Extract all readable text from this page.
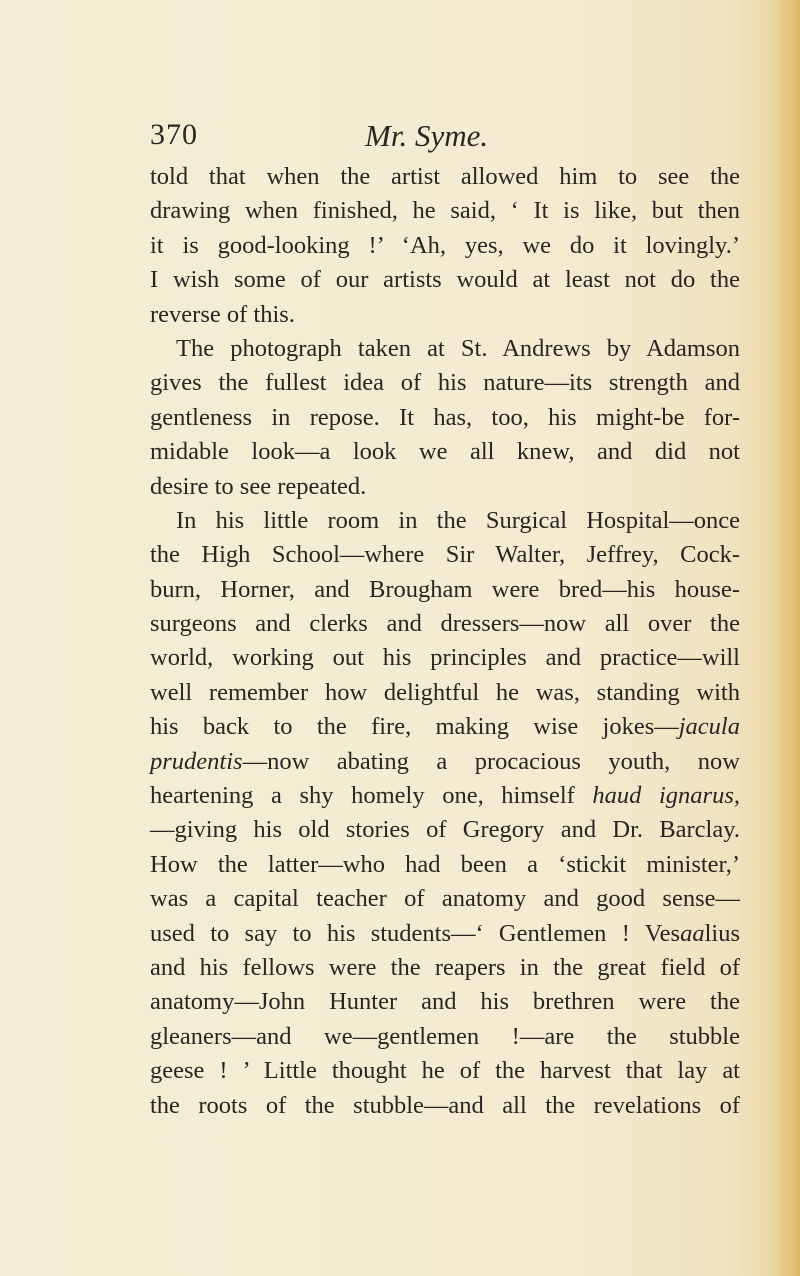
370	Mr. Syme.
told that when the artist allowed him to see the
drawing when finished, he said, ‘ It is like, but then
it is good-looking !’ ‘Ah, yes, we do it lovingly.’
I wish some of our artists would at least not do the
reverse of this.
The photograph taken at St. Andrews by Adamson
gives the fullest idea of his nature—its strength and
gentleness in repose. It has, too, his might-be for-
midable look—a look we all knew, and did not
desire to see repeated.
In his little room in the Surgical Hospital—once
the High School—where Sir Walter, Jeffrey, Cock-
burn, Horner, and Brougham were bred—his house-
surgeons and clerks and dressers—now all over the
world, working out his principles and practice—will
well remember how delightful he was, standing with
his back to the fire, making wise jokes—jacula
prudentis—now abating a procacious youth, now
heartening a shy homely one, himself haud ignarus,
—giving his old stories of Gregory and Dr. Barclay.
How the latter—who had been a ‘stickit minister,’
was a capital teacher of anatomy and good sense—
used to say to his students—‘ Gentlemen ! Vesaalius
and his fellows were the reapers in the great field of
anatomy—John Hunter and his brethren were the
gleaners—and we—gentlemen !—are the stubble
geese ! ’ Little thought he of the harvest that lay at
the roots of the stubble—and all the revelations of
